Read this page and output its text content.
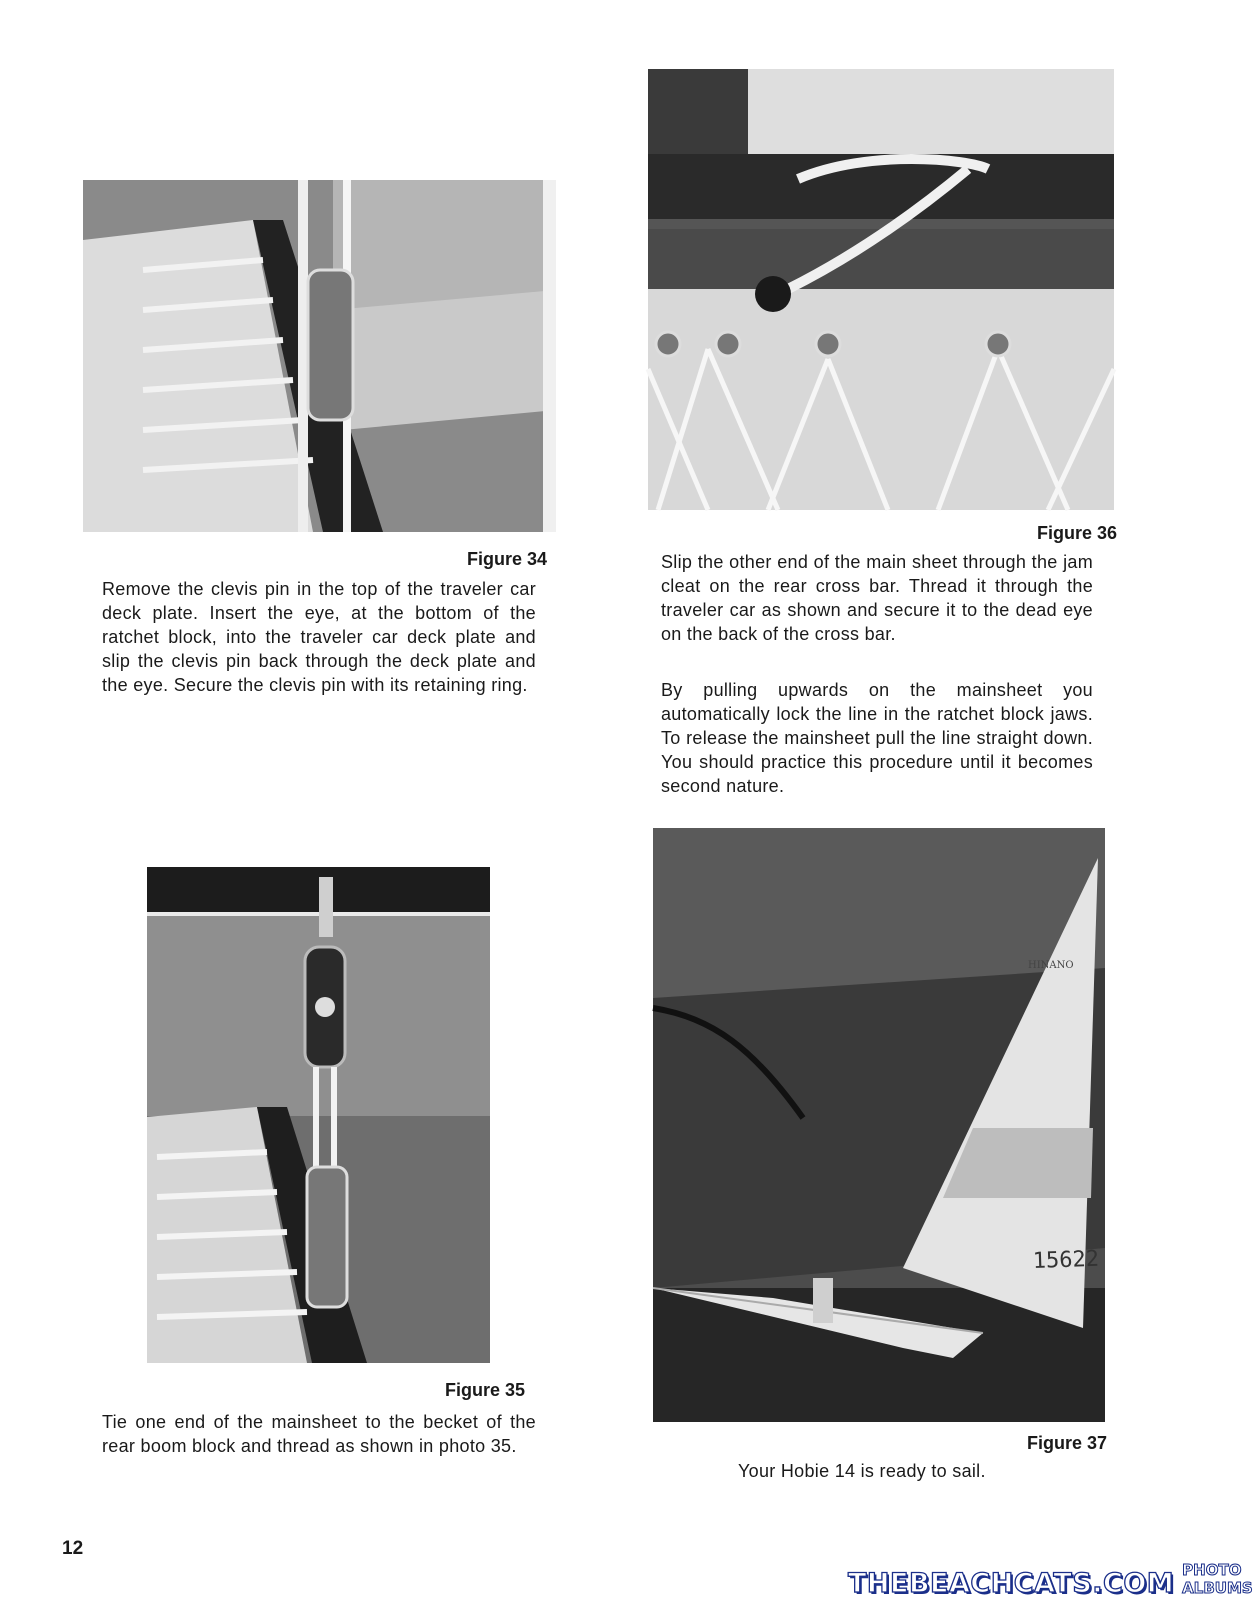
Figure 34

Remove the clevis pin in the top of the traveler car deck plate. Insert the eye, at the bottom of the ratchet block, into the traveler car deck plate and slip the clevis pin back through the deck plate and the eye. Secure the clevis pin with its retaining ring.

Figure 35

Tie one end of the mainsheet to the becket of the rear boom block and thread as shown in photo 35.

Figure 36

Slip the other end of the main sheet through the jam cleat on the rear cross bar. Thread it through the traveler car as shown and secure it to the dead eye on the back of the cross bar.

By pulling upwards on the mainsheet you automatically lock the line in the ratchet block jaws. To release the mainsheet pull the line straight down. You should practice this procedure until it becomes second nature.

15622
HINANO
Figure 37

Your Hobie 14 is ready to sail.

12
THEBEACHCATS.COM PHOTO ALBUMS
